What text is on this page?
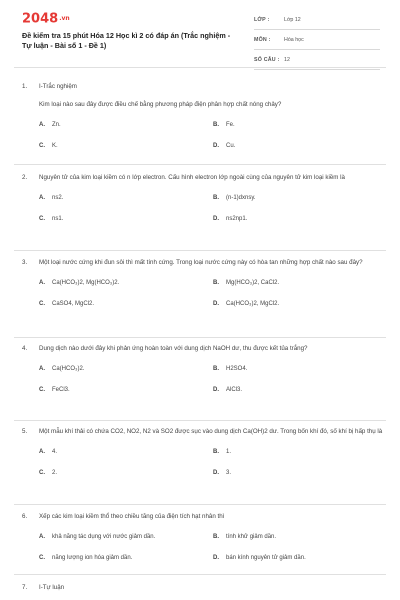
2048.vn
Đề kiểm tra 15 phút Hóa 12 Học kì 2 có đáp án (Trắc nghiệm - Tự luận - Bài số 1 - Đề 1)
LỚP :	Lớp 12
MÔN :	Hóa học
SỐ CÂU : 12
1. I-Trắc nghiệm
Kim loại nào sau đây được điều chế bằng phương pháp điện phân hợp chất nóng chảy?
A. Zn.	B. Fe.
C. K.	D. Cu.
2. Nguyên tử của kim loại kiềm có n lớp electron. Cấu hình electron lớp ngoài cùng của nguyên tử kim loại kiềm là
A. ns2.	B. (n-1)dxnsy.
C. ns1.	D. ns2np1.
3. Một loại nước cứng khi đun sôi thì mất tính cứng. Trong loại nước cứng này có hòa tan những hợp chất nào sau đây?
A. Ca(HCO₃)2, Mg(HCO₃)2.	B. Mg(HCO₃)2, CaCl2.
C. CaSO4, MgCl2.	D. Ca(HCO₃)2, MgCl2.
4. Dung dịch nào dưới đây khi phản ứng hoàn toàn với dung dịch NaOH dư, thu được kết tủa trắng?
A. Ca(HCO₃)2.	B. H2SO4.
C. FeCl3.	D. AlCl3.
5. Một mẫu khí thải có chứa CO2, NO2, N2 và SO2 được sục vào dung dịch Ca(OH)2 dư. Trong bốn khí đó, số khí bị hấp thụ là
A. 4.	B. 1.
C. 2.	D. 3.
6. Xếp các kim loại kiềm thổ theo chiều tăng của điện tích hạt nhân thì
A. khả năng tác dụng với nước giảm dần.	B. tính khử giảm dần.
C. năng lượng ion hóa giảm dần.	D. bán kính nguyên tử giảm dần.
7. I-Tự luận
